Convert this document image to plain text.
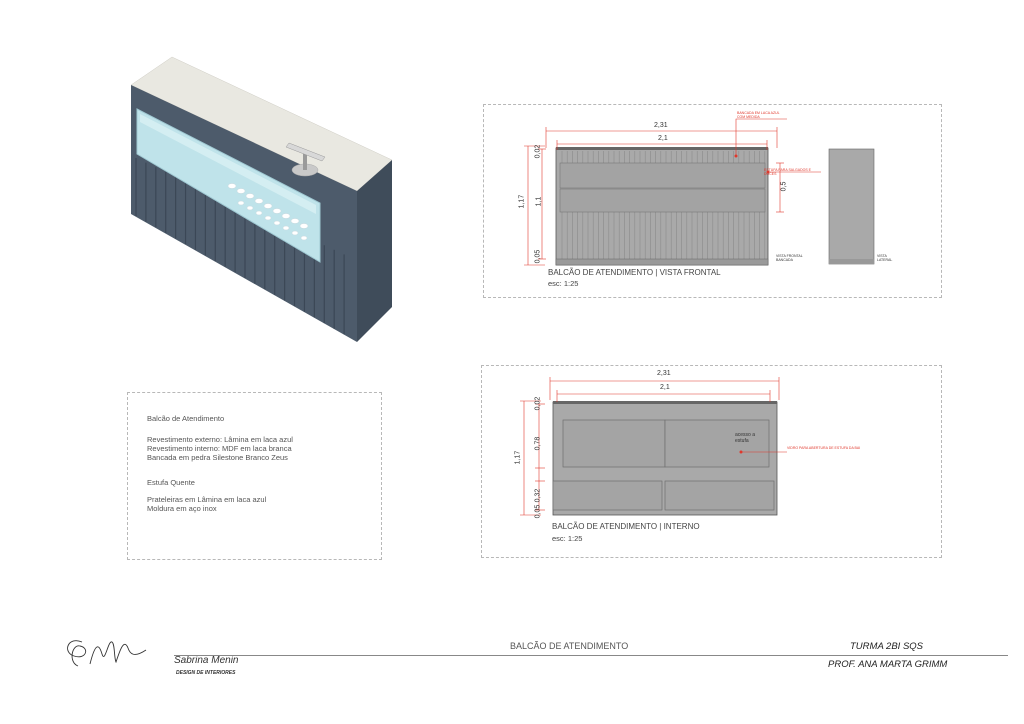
Balcão de Atendimento

Revestimento externo: Lâmina em laca azul

Revestimento interno: MDF em laca branca

Bancada em pedra Silestone Branco Zeus

Estufa Quente

Prateleiras em Lâmina em laca azul

Moldura em aço inox

2,31
2,1
1,17
0,02
1,1
0,05
0,5
BANCADA EM LACA AZUL COM MEDIDA
ESTUFA PARA SALGADOS E DOCES
VISTA FRONTAL BANCADA
VISTA LATERAL
BALCÃO DE ATENDIMENTO | VISTA FRONTAL
esc: 1:25
2,31
2,1
1,17
0,02
0,78
0,32
0,05
acesso a estufa
VIDRO PARA ABERTURA DE ESTUFA DA BAI
BALCÃO DE ATENDIMENTO | INTERNO
esc: 1:25
Sabrina Menin
DESIGN DE INTERIORES
BALCÃO DE ATENDIMENTO	TURMA 2BI SQS
PROF. ANA MARTA GRIMM
